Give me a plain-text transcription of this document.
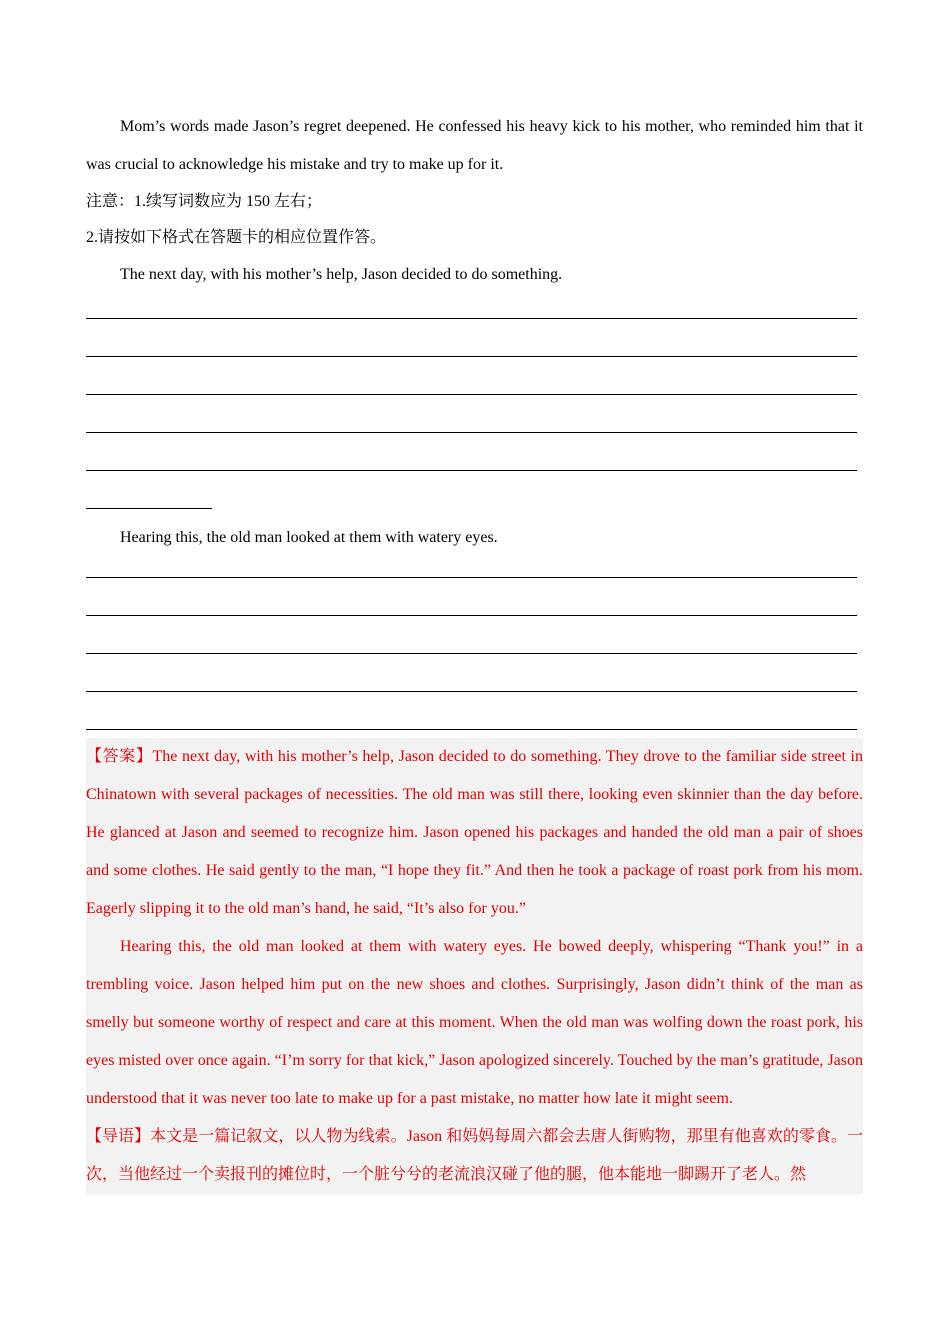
Mom’s words made Jason’s regret deepened. He confessed his heavy kick to his mother, who reminded him that it was crucial to acknowledge his mistake and try to make up for it.

注意：1.续写词数应为 150 左右；

2.请按如下格式在答题卡的相应位置作答。

The next day, with his mother’s help, Jason decided to do something.

Hearing this, the old man looked at them with watery eyes.

【答案】The next day, with his mother’s help, Jason decided to do something. They drove to the familiar side street in Chinatown with several packages of necessities. The old man was still there, looking even skinnier than the day before. He glanced at Jason and seemed to recognize him. Jason opened his packages and handed the old man a pair of shoes and some clothes. He said gently to the man, “I hope they fit.” And then he took a package of roast pork from his mom. Eagerly slipping it to the old man’s hand, he said, “It’s also for you.”

Hearing this, the old man looked at them with watery eyes. He bowed deeply, whispering “Thank you!” in a trembling voice. Jason helped him put on the new shoes and clothes. Surprisingly, Jason didn’t think of the man as smelly but someone worthy of respect and care at this moment. When the old man was wolfing down the roast pork, his eyes misted over once again. “I’m sorry for that kick,” Jason apologized sincerely. Touched by the man’s gratitude, Jason understood that it was never too late to make up for a past mistake, no matter how late it might seem.

【导语】本文是一篇记叙文，以人物为线索。Jason 和妈妈每周六都会去唐人街购物，那里有他喜欢的零食。一次，当他经过一个卖报刊的摊位时，一个脏兮兮的老流浪汉碰了他的腿，他本能地一脚踢开了老人。然
